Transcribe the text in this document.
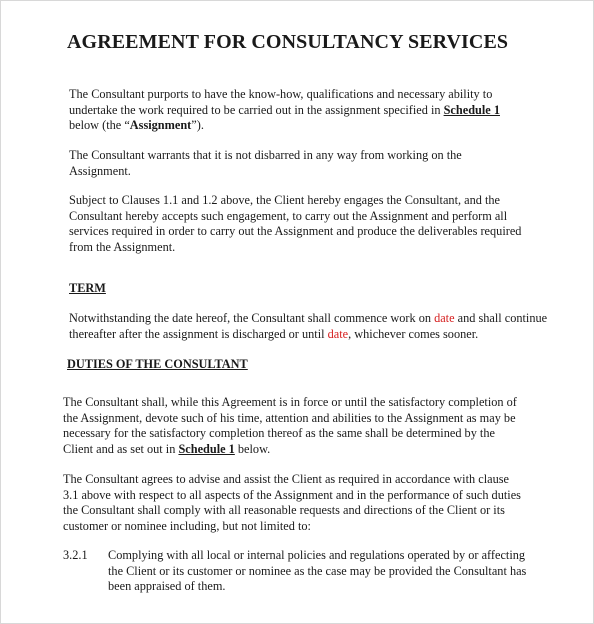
AGREEMENT FOR CONSULTANCY SERVICES
The Consultant purports to have the know-how, qualifications and necessary ability to undertake the work required to be carried out in the assignment specified in Schedule 1 below (the “Assignment”).
The Consultant warrants that it is not disbarred in any way from working on the Assignment.
Subject to Clauses 1.1 and 1.2 above, the Client hereby engages the Consultant, and the Consultant hereby accepts such engagement, to carry out the Assignment and perform all services required in order to carry out the Assignment and produce the deliverables required from the Assignment.
TERM
Notwithstanding the date hereof, the Consultant shall commence work on date and shall continue thereafter after the assignment is discharged or until date, whichever comes sooner.
DUTIES OF THE CONSULTANT
The Consultant shall, while this Agreement is in force or until the satisfactory completion of the Assignment, devote such of his time, attention and abilities to the Assignment as may be necessary for the satisfactory completion thereof as the same shall be determined by the Client and as set out in Schedule 1 below.
The Consultant agrees to advise and assist the Client as required in accordance with clause 3.1 above with respect to all aspects of the Assignment and in the performance of such duties the Consultant shall comply with all reasonable requests and directions of the Client or its customer or nominee including, but not limited to:
3.2.1 Complying with all local or internal policies and regulations operated by or affecting the Client or its customer or nominee as the case may be provided the Consultant has been appraised of them.
